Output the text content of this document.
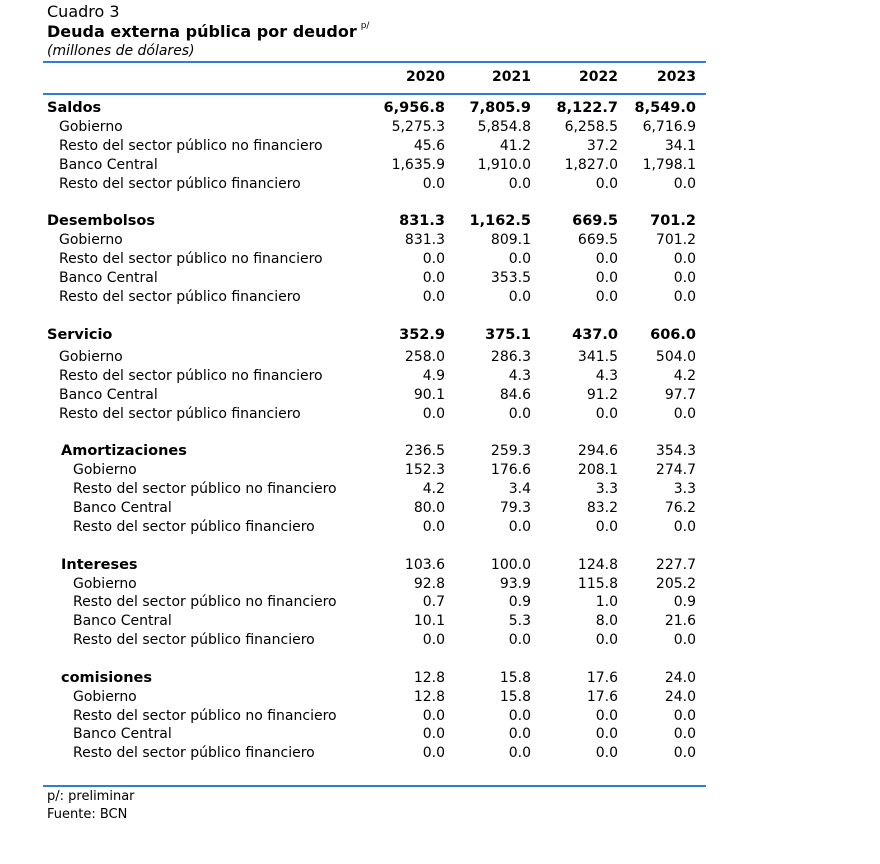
Cuadro 3
Deuda externa pública por deudor $^{p/}$
(millones de dólares)
2020	2021	2022	2023
Saldos	6,956.8	7,805.9	8,122.7	8,549.0
Gobierno	5,275.3	5,854.8	6,258.5	6,716.9
Resto del sector público no financiero	45.6	41.2	37.2	34.1
Banco Central	1,635.9	1,910.0	1,827.0	1,798.1
Resto del sector público financiero	0.0	0.0	0.0	0.0
Desembolsos	831.3	1,162.5	669.5	701.2
Gobierno	831.3	809.1	669.5	701.2
Resto del sector público no financiero	0.0	0.0	0.0	0.0
Banco Central	0.0	353.5	0.0	0.0
Resto del sector público financiero	0.0	0.0	0.0	0.0
Servicio	352.9	375.1	437.0	606.0
Gobierno	258.0	286.3	341.5	504.0
Resto del sector público no financiero	4.9	4.3	4.3	4.2
Banco Central	90.1	84.6	91.2	97.7
Resto del sector público financiero	0.0	0.0	0.0	0.0
Amortizaciones	236.5	259.3	294.6	354.3
Gobierno	152.3	176.6	208.1	274.7
Resto del sector público no financiero	4.2	3.4	3.3	3.3
Banco Central	80.0	79.3	83.2	76.2
Resto del sector público financiero	0.0	0.0	0.0	0.0
Intereses	103.6	100.0	124.8	227.7
Gobierno	92.8	93.9	115.8	205.2
Resto del sector público no financiero	0.7	0.9	1.0	0.9
Banco Central	10.1	5.3	8.0	21.6
Resto del sector público financiero	0.0	0.0	0.0	0.0
comisiones	12.8	15.8	17.6	24.0
Gobierno	12.8	15.8	17.6	24.0
Resto del sector público no financiero	0.0	0.0	0.0	0.0
Banco Central	0.0	0.0	0.0	0.0
Resto del sector público financiero	0.0	0.0	0.0	0.0
p/: preliminar
Fuente: BCN
